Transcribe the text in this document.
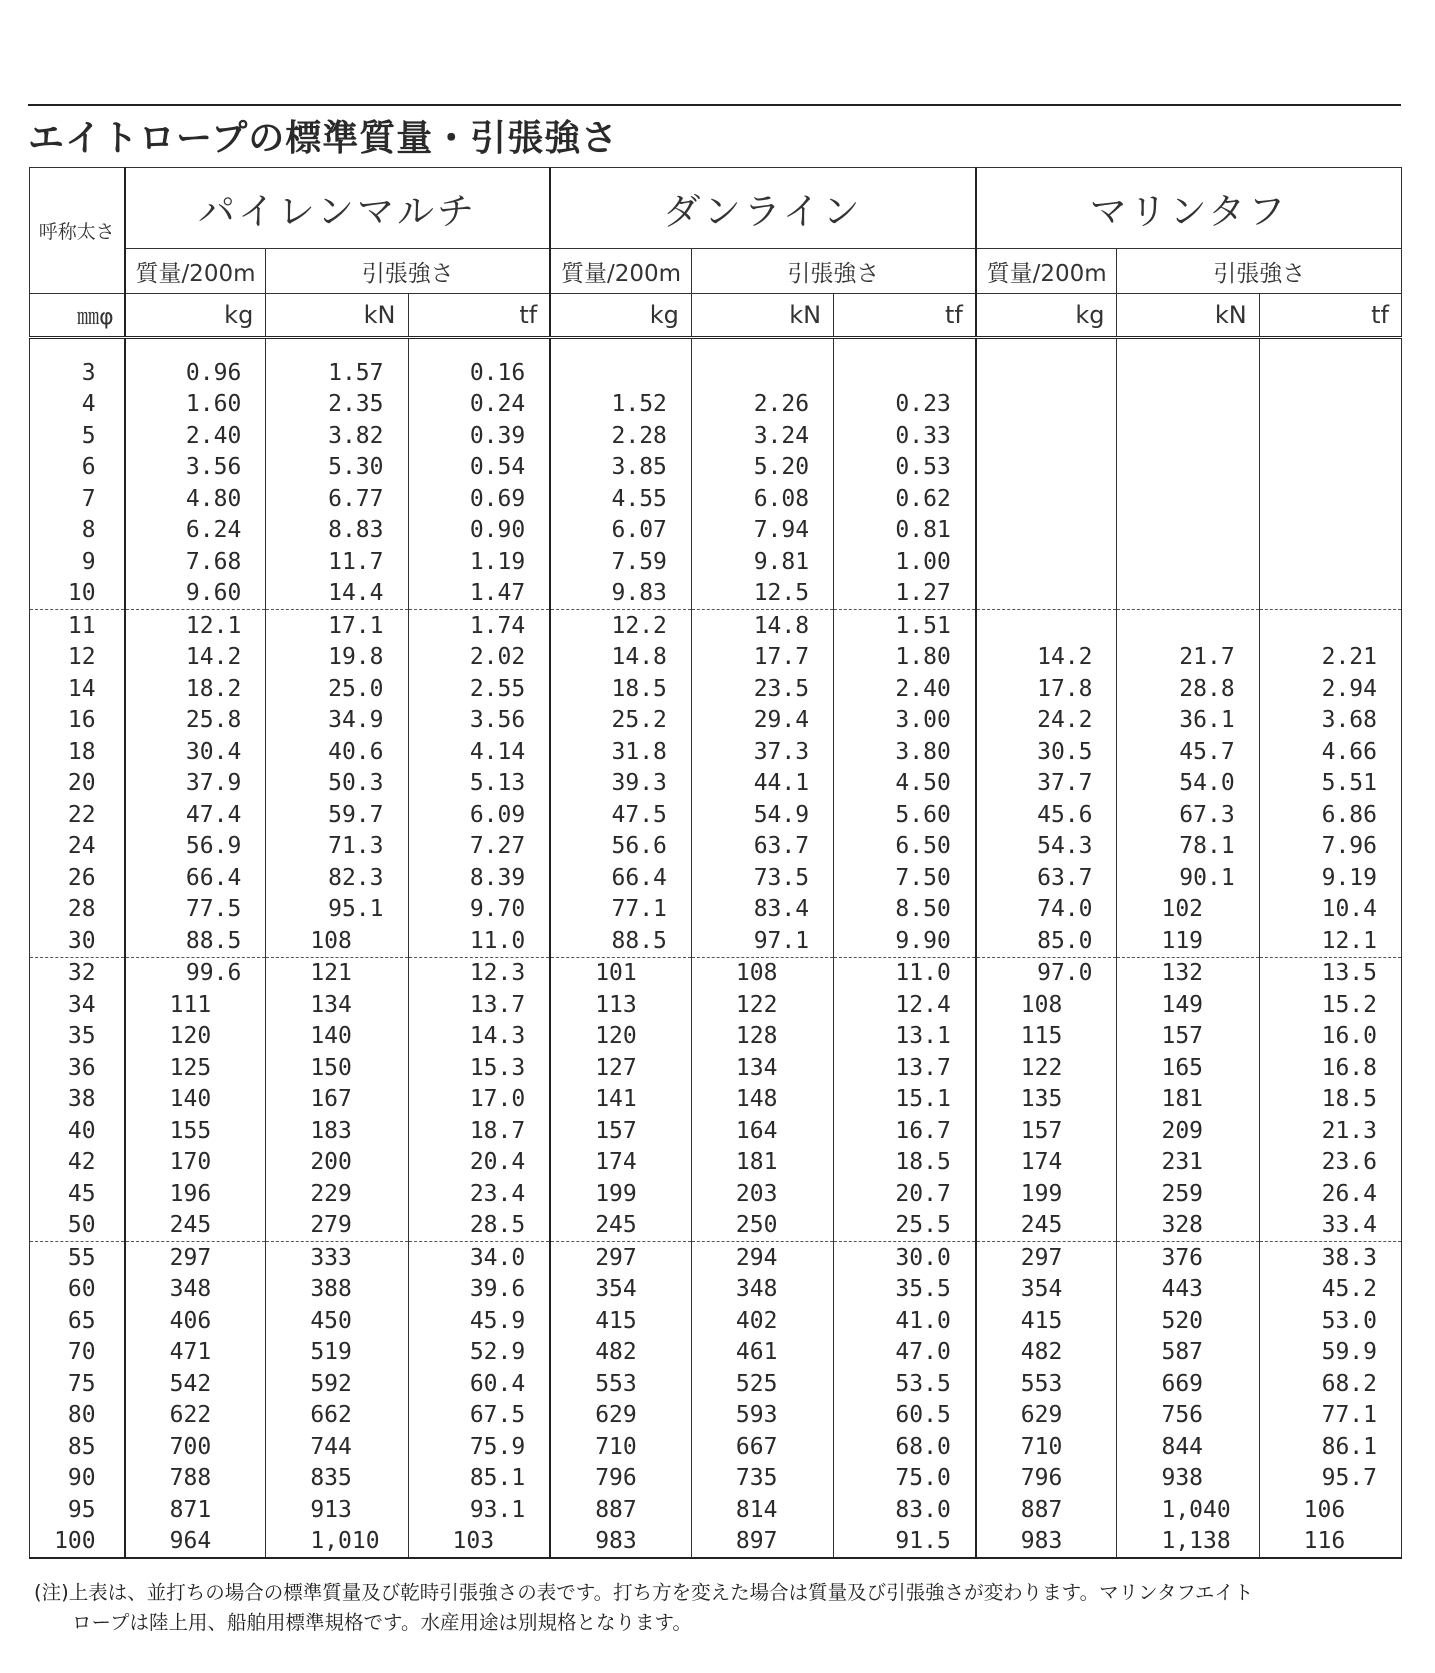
エイトロープの標準質量・引張強さ
呼称太さ	パイレンマルチ			ダンライン			マリンタフ		
	質量/200m	引張強さ		質量/200m	引張強さ		質量/200m	引張強さ	
㎜φ	kg	kN	tf	kg	kN	tf	kg	kN	tf
3	0.96	1.57	0.16						
4	1.60	2.35	0.24	1.52	2.26	0.23			
5	2.40	3.82	0.39	2.28	3.24	0.33			
6	3.56	5.30	0.54	3.85	5.20	0.53			
7	4.80	6.77	0.69	4.55	6.08	0.62			
8	6.24	8.83	0.90	6.07	7.94	0.81			
9	7.68	11.7	1.19	7.59	9.81	1.00			
10	9.60	14.4	1.47	9.83	12.5	1.27			
11	12.1	17.1	1.74	12.2	14.8	1.51			
12	14.2	19.8	2.02	14.8	17.7	1.80	14.2	21.7	2.21
14	18.2	25.0	2.55	18.5	23.5	2.40	17.8	28.8	2.94
16	25.8	34.9	3.56	25.2	29.4	3.00	24.2	36.1	3.68
18	30.4	40.6	4.14	31.8	37.3	3.80	30.5	45.7	4.66
20	37.9	50.3	5.13	39.3	44.1	4.50	37.7	54.0	5.51
22	47.4	59.7	6.09	47.5	54.9	5.60	45.6	67.3	6.86
24	56.9	71.3	7.27	56.6	63.7	6.50	54.3	78.1	7.96
26	66.4	82.3	8.39	66.4	73.5	7.50	63.7	90.1	9.19
28	77.5	95.1	9.70	77.1	83.4	8.50	74.0	102	10.4
30	88.5	108	11.0	88.5	97.1	9.90	85.0	119	12.1
32	99.6	121	12.3	101	108	11.0	97.0	132	13.5
34	111	134	13.7	113	122	12.4	108	149	15.2
35	120	140	14.3	120	128	13.1	115	157	16.0
36	125	150	15.3	127	134	13.7	122	165	16.8
38	140	167	17.0	141	148	15.1	135	181	18.5
40	155	183	18.7	157	164	16.7	157	209	21.3
42	170	200	20.4	174	181	18.5	174	231	23.6
45	196	229	23.4	199	203	20.7	199	259	26.4
50	245	279	28.5	245	250	25.5	245	328	33.4
55	297	333	34.0	297	294	30.0	297	376	38.3
60	348	388	39.6	354	348	35.5	354	443	45.2
65	406	450	45.9	415	402	41.0	415	520	53.0
70	471	519	52.9	482	461	47.0	482	587	59.9
75	542	592	60.4	553	525	53.5	553	669	68.2
80	622	662	67.5	629	593	60.5	629	756	77.1
85	700	744	75.9	710	667	68.0	710	844	86.1
90	788	835	85.1	796	735	75.0	796	938	95.7
95	871	913	93.1	887	814	83.0	887	1,040	106
100	964	1,010	103	983	897	91.5	983	1,138	116
(注)上表は、並打ちの場合の標準質量及び乾時引張強さの表です。打ち方を変えた場合は質量及び引張強さが変わります。マリンタフエイト
ロープは陸上用、船舶用標準規格です。水産用途は別規格となります。
